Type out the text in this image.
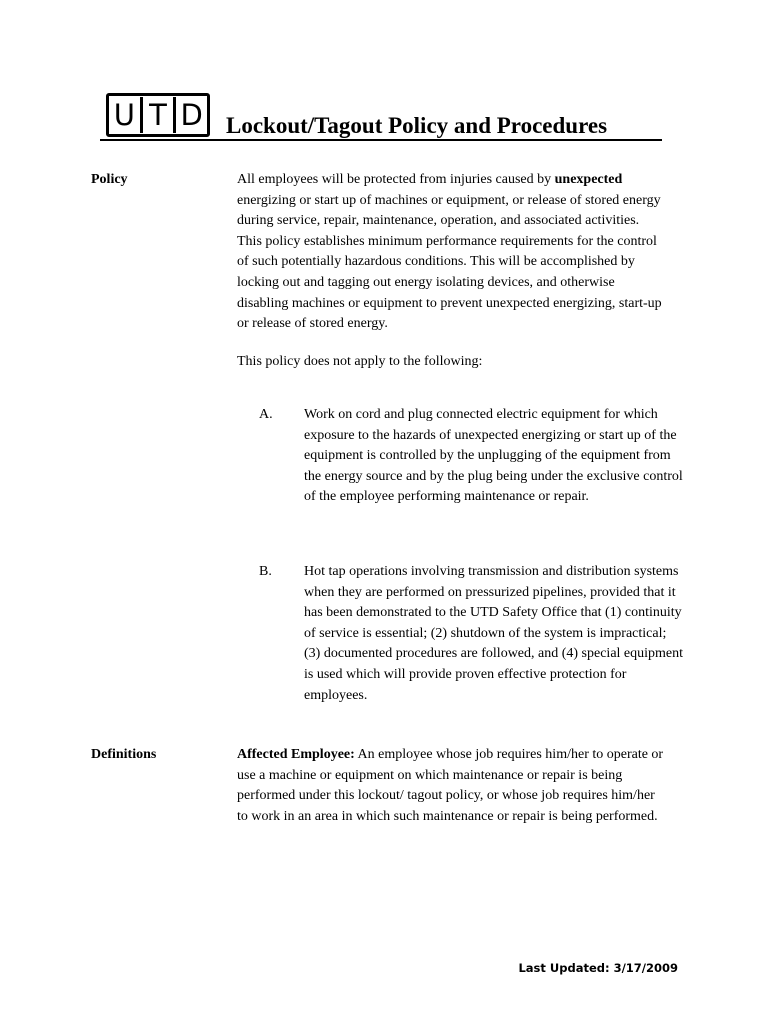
U T D Lockout/Tagout Policy and Procedures
Policy	All employees will be protected from injuries caused by unexpected energizing or start up of machines or equipment, or release of stored energy during service, repair, maintenance, operation, and associated activities. This policy establishes minimum performance requirements for the control of such potentially hazardous conditions. This will be accomplished by locking out and tagging out energy isolating devices, and otherwise disabling machines or equipment to prevent unexpected energizing, start-up or release of stored energy.
This policy does not apply to the following:
A. Work on cord and plug connected electric equipment for which exposure to the hazards of unexpected energizing or start up of the equipment is controlled by the unplugging of the equipment from the energy source and by the plug being under the exclusive control of the employee performing maintenance or repair.
B. Hot tap operations involving transmission and distribution systems when they are performed on pressurized pipelines, provided that it has been demonstrated to the UTD Safety Office that (1) continuity of service is essential; (2) shutdown of the system is impractical; (3) documented procedures are followed, and (4) special equipment is used which will provide proven effective protection for employees.
Definitions	Affected Employee: An employee whose job requires him/her to operate or use a machine or equipment on which maintenance or repair is being performed under this lockout/ tagout policy, or whose job requires him/her to work in an area in which such maintenance or repair is being performed.
Last Updated: 3/17/2009
